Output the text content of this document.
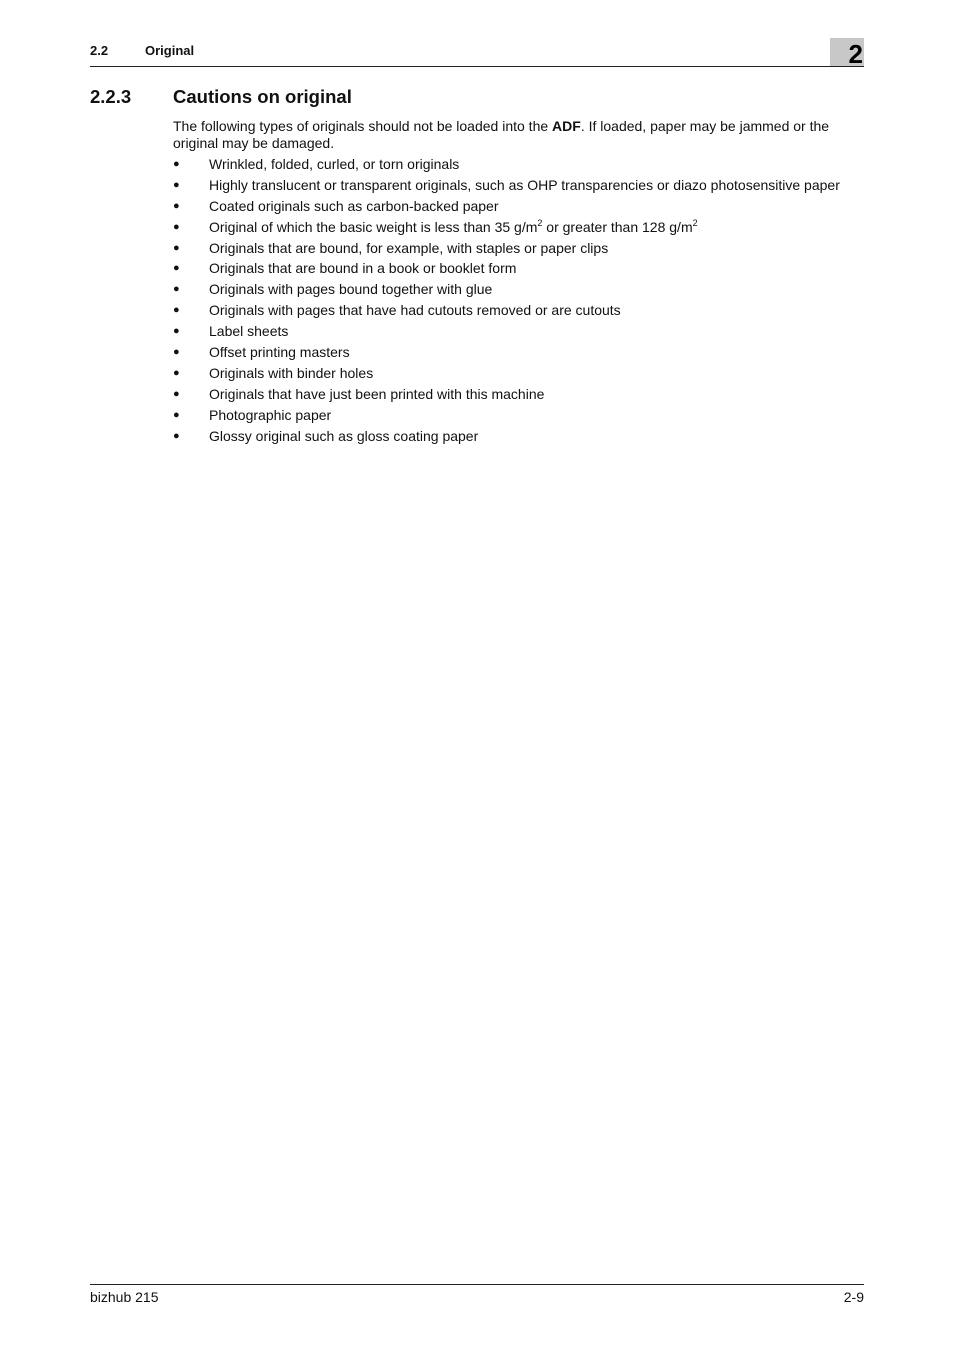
2.2	Original	2
2.2.3 Cautions on original

The following types of originals should not be loaded into the ADF. If loaded, paper may be jammed or the original may be damaged.

● Wrinkled, folded, curled, or torn originals
● Highly translucent or transparent originals, such as OHP transparencies or diazo photosensitive paper
● Coated originals such as carbon-backed paper
● Original of which the basic weight is less than 35 $g/m^2$ or greater than 128 $g/m^2$
● Originals that are bound, for example, with staples or paper clips
● Originals that are bound in a book or booklet form
● Originals with pages bound together with glue
● Originals with pages that have had cutouts removed or are cutouts
● Label sheets
● Offset printing masters
● Originals with binder holes
● Originals that have just been printed with this machine
● Photographic paper
● Glossy original such as gloss coating paper
bizhub 215	2-9
